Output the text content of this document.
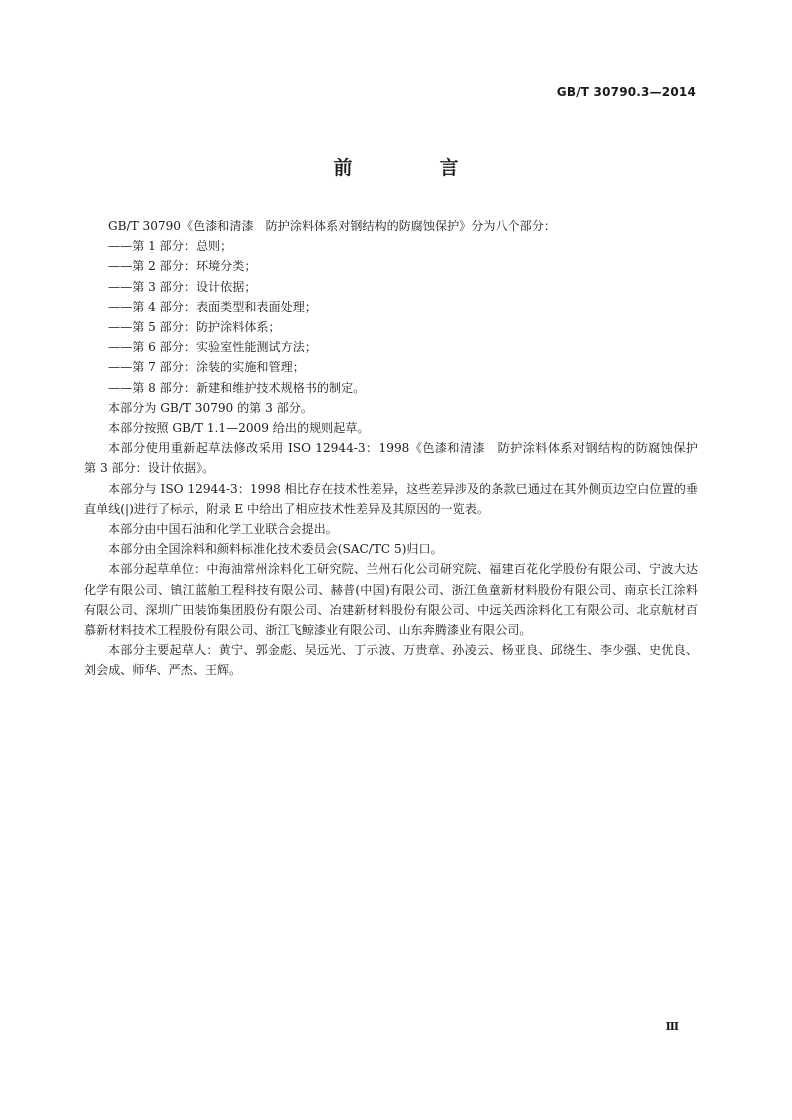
GB/T 30790.3—2014
前　言

GB/T 30790《色漆和清漆　防护涂料体系对钢结构的防腐蚀保护》分为八个部分：

——第 1 部分：总则；

——第 2 部分：环境分类；

——第 3 部分：设计依据；

——第 4 部分：表面类型和表面处理；

——第 5 部分：防护涂料体系；

——第 6 部分：实验室性能测试方法；

——第 7 部分：涂装的实施和管理；

——第 8 部分：新建和维护技术规格书的制定。

本部分为 GB/T 30790 的第 3 部分。

本部分按照 GB/T 1.1—2009 给出的规则起草。

本部分使用重新起草法修改采用 ISO 12944-3：1998《色漆和清漆　防护涂料体系对钢结构的防腐蚀保护　第 3 部分：设计依据》。

本部分与 ISO 12944-3：1998 相比存在技术性差异，这些差异涉及的条款已通过在其外侧页边空白位置的垂直单线(|)进行了标示，附录 E 中给出了相应技术性差异及其原因的一览表。

本部分由中国石油和化学工业联合会提出。

本部分由全国涂料和颜料标准化技术委员会(SAC/TC 5)归口。

本部分起草单位：中海油常州涂料化工研究院、兰州石化公司研究院、福建百花化学股份有限公司、宁波大达化学有限公司、镇江蓝舶工程科技有限公司、赫普(中国)有限公司、浙江鱼童新材料股份有限公司、南京长江涂料有限公司、深圳广田装饰集团股份有限公司、冶建新材料股份有限公司、中远关西涂料化工有限公司、北京航材百慕新材料技术工程股份有限公司、浙江飞鲸漆业有限公司、山东奔腾漆业有限公司。

本部分主要起草人：黄宁、郭金彪、吴远光、丁示波、万贵章、孙凌云、杨亚良、邱绕生、李少强、史优良、刘会成、师华、严杰、王辉。

Ⅲ
